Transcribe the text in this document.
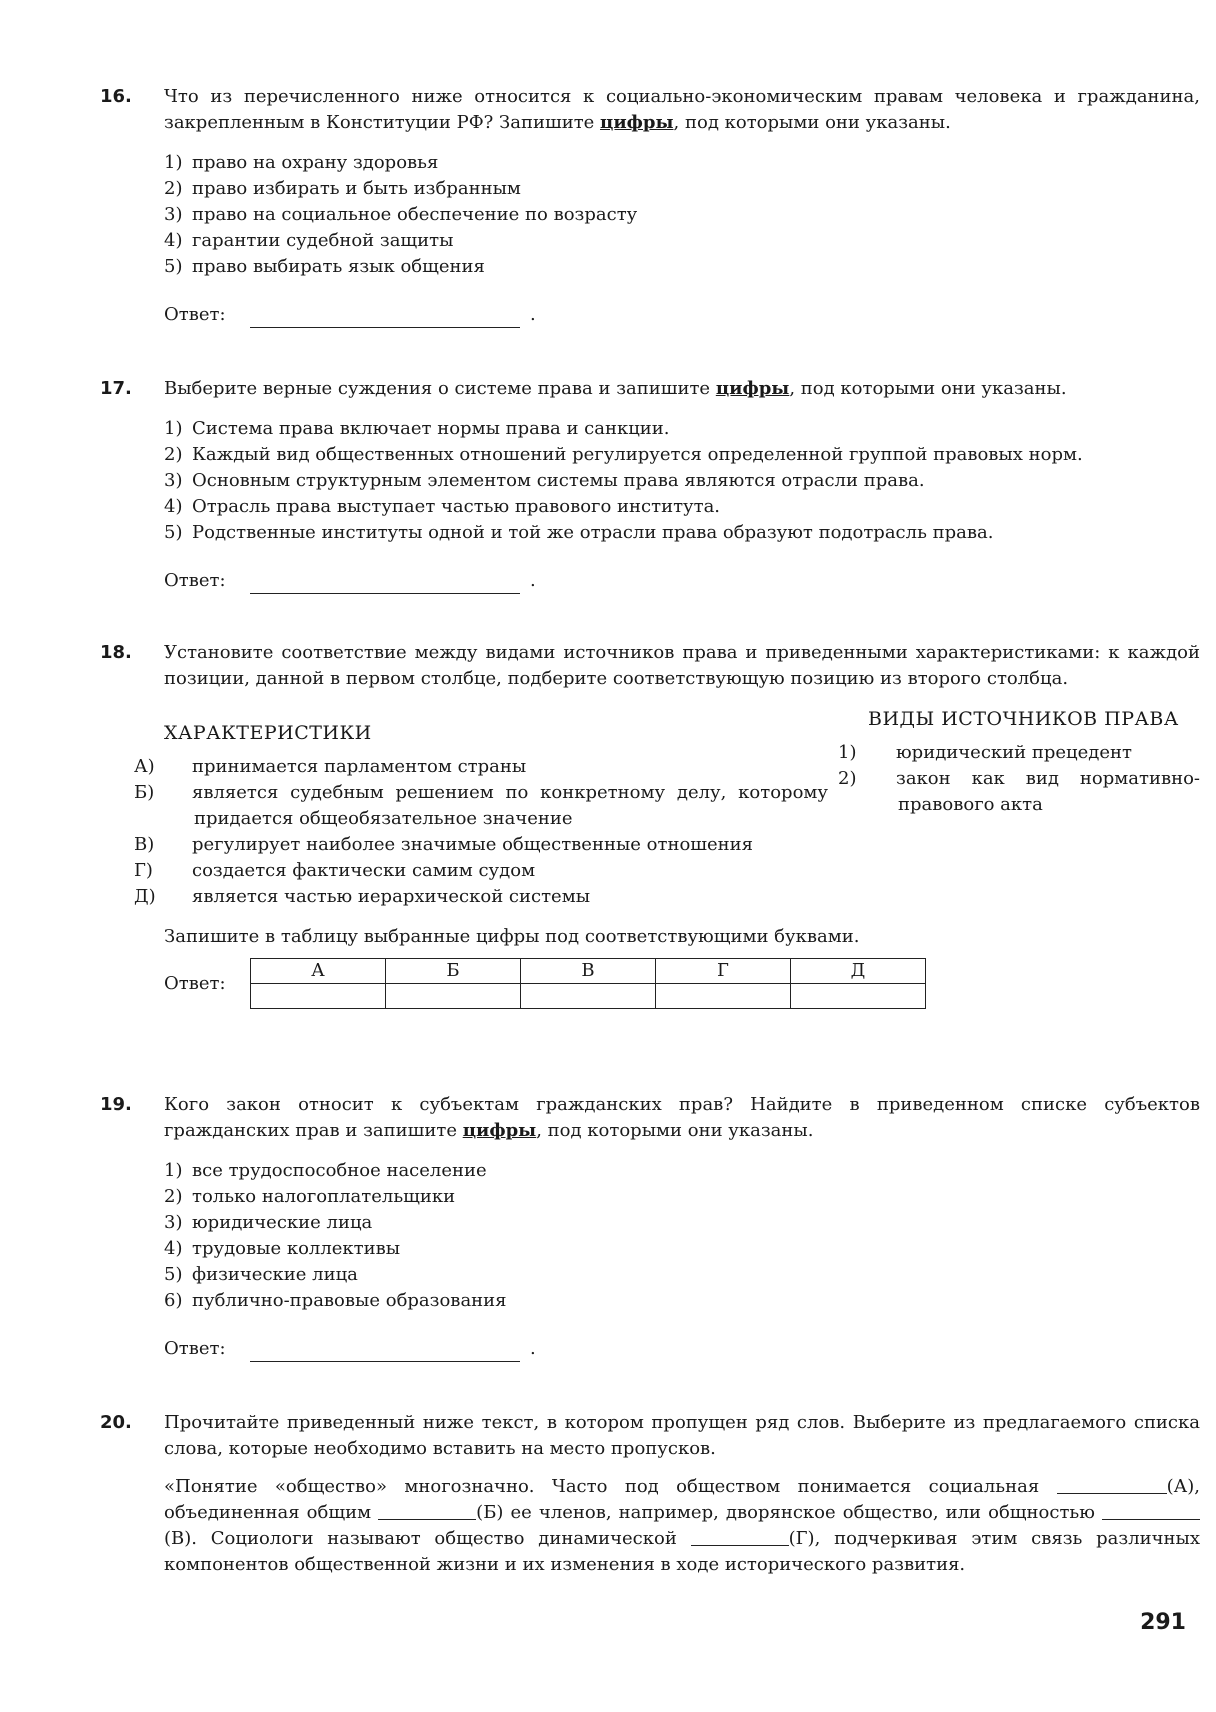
16.	Что из перечисленного ниже относится к социально-экономическим правам человека и гражданина, закрепленным в Конституции РФ? Запишите цифры, под которыми они указаны.
1) право на охрану здоровья
2) право избирать и быть избранным
3) право на социальное обеспечение по возрасту
4) гарантии судебной защиты
5) право выбирать язык общения
Ответ:	.
17.	Выберите верные суждения о системе права и запишите цифры, под которыми они указаны.
1) Система права включает нормы права и санкции.
2) Каждый вид общественных отношений регулируется определенной группой правовых норм.
3) Основным структурным элементом системы права являются отрасли права.
4) Отрасль права выступает частью правового института.
5) Родственные институты одной и той же отрасли права образуют подотрасль права.
Ответ:	.
18.	Установите соответствие между видами источников права и приведенными характеристиками: к каждой позиции, данной в первом столбце, подберите соответствующую позицию из второго столбца.
ХАРАКТЕРИСТИКИ
А) принимается парламентом страны
Б) является судебным решением по конкретному делу, которому придается общеобязательное значение
В) регулирует наиболее значимые общественные отношения
Г) создается фактически самим судом
Д) является частью иерархической системы
ВИДЫ ИСТОЧНИКОВ ПРАВА
1) юридический прецедент
2) закон как вид нормативно-правового акта
Запишите в таблицу выбранные цифры под соответствующими буквами.
Ответ:
А	Б	В	Г	Д

19.	Кого закон относит к субъектам гражданских прав? Найдите в приведенном списке субъектов гражданских прав и запишите цифры, под которыми они указаны.
1) все трудоспособное население
2) только налогоплательщики
3) юридические лица
4) трудовые коллективы
5) физические лица
6) публично-правовые образования
Ответ:	.
20.	Прочитайте приведенный ниже текст, в котором пропущен ряд слов. Выберите из предлагаемого списка слова, которые необходимо вставить на место пропусков.
«Понятие «общество» многозначно. Часто под обществом понимается социальная	(А), объединенная общим	(Б) ее членов, например, дворянское общество, или общностью (В). Социологи называют общество динамической	(Г), подчеркивая этим связь различных компонентов общественной жизни и их изменения в ходе исторического развития.
291
